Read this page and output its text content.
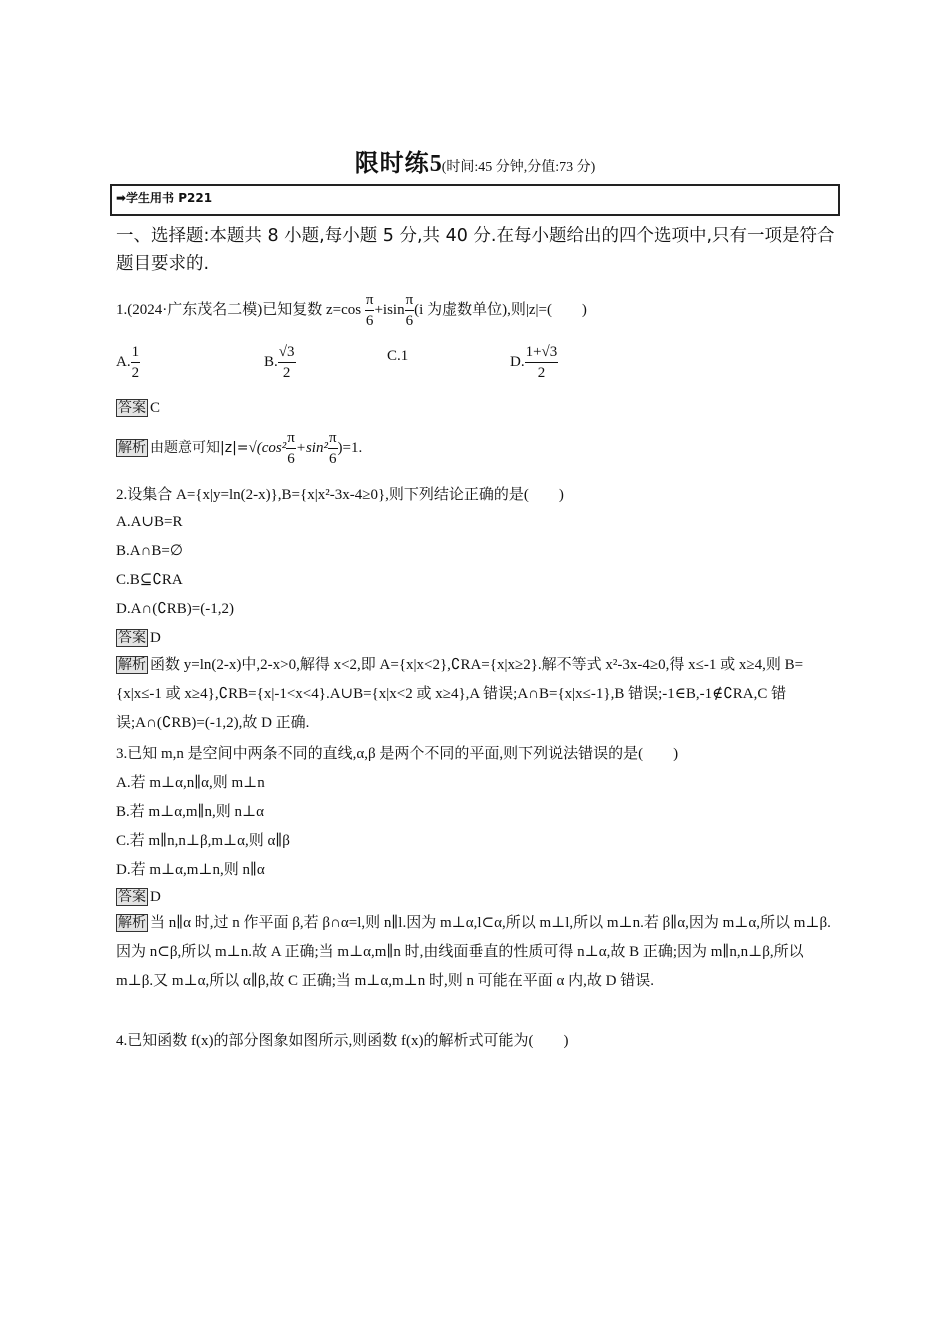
限时练5(时间:45 分钟,分值:73 分)
➡学生用书 P221
一、选择题:本题共 8 小题,每小题 5 分,共 40 分.在每小题给出的四个选项中,只有一项是符合题目要求的.
1.(2024·广东茂名二模)已知复数 $z=\cos \frac{\pi}{6} +isin \frac{\pi}{6} (i$ 为虚数单位),则|z|=(　　)
A. $\frac{1}{2}$	B. $\frac{√3}{2}$	C.1	D. $\frac{1+√3}{2}$
答案 C
解析 由题意可知$|z|=√(\cos^2 \frac{\pi}{6} +\sin^2 \frac{\pi}{6} )=1$.
2.设集合 A={x|y=ln(2-x)},B={x|x²-3x-4≥0},则下列结论正确的是(　　)
A.A∪B=R
B.A∩B=∅
C.B⊆∁RA
D.A∩(∁RB)=(-1,2)
答案 D
解析 函数 y=ln(2-x)中,2-x>0,解得 x<2,即 A={x|x<2},∁RA={x|x≥2}.解不等式 x²-3x-4≥0,得 x≤-1 或 x≥4,则 B={x|x≤-1 或 x≥4},∁RB={x|-1<x<4}.A∪B={x|x<2 或 x≥4},A 错误;A∩B={x|x≤-1},B 错误;-1∈B,-1∉∁RA,C 错误;A∩(∁RB)=(-1,2),故 D 正确.
3.已知 m,n 是空间中两条不同的直线,α,β 是两个不同的平面,则下列说法错误的是(　　)
A.若 m⊥α,n∥α,则 m⊥n
B.若 m⊥α,m∥n,则 n⊥α
C.若 m∥n,n⊥β,m⊥α,则 α∥β
D.若 m⊥α,m⊥n,则 n∥α
答案 D
解析 当 n∥α 时,过 n 作平面 β,若 β∩α=l,则 n∥l.因为 m⊥α,l⊂α,所以 m⊥l,所以 m⊥n.若 β∥α,因为 m⊥α,所以 m⊥β.因为 n⊂β,所以 m⊥n.故 A 正确;当 m⊥α,m∥n 时,由线面垂直的性质可得 n⊥α,故 B 正确;因为 m∥n,n⊥β,所以 m⊥β.又 m⊥α,所以 α∥β,故 C 正确;当 m⊥α,m⊥n 时,则 n 可能在平面 α 内,故 D 错误.
4.已知函数 f(x)的部分图象如图所示,则函数 f(x)的解析式可能为(　　)
